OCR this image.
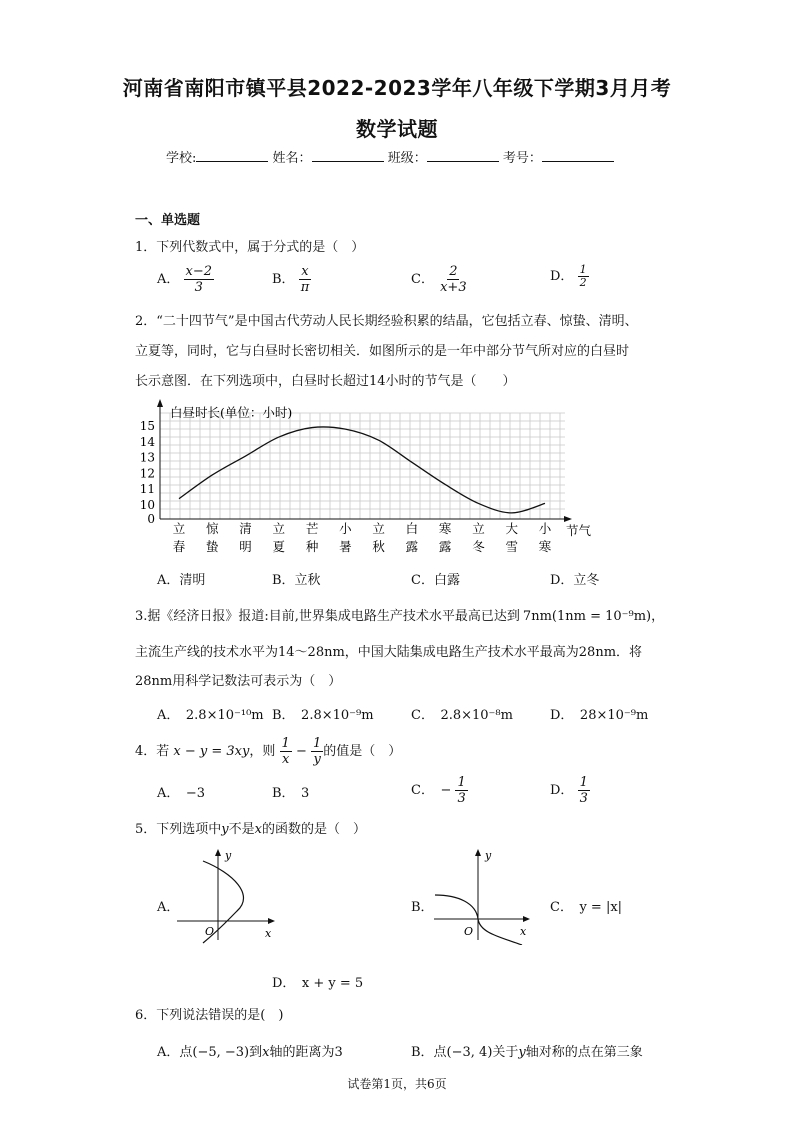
河南省南阳市镇平县2022-2023学年八年级下学期3月月考
数学试题
学校:	姓名：	班级：	考号：
一、单选题
1．下列代数式中，属于分式的是（　）
A． $\frac{x-2}{3}$	B． $\frac{x}{\pi}$	C． $\frac{2}{x+3}$	D． $\frac{1}{2}$
2．“二十四节气”是中国古代劳动人民长期经验积累的结晶，它包括立春、惊蛰、清明、
立夏等，同时，它与白昼时长密切相关．如图所示的是一年中部分节气所对应的白昼时
长示意图．在下列选项中，白昼时长超过14小时的节气是（　　）
白昼时长(单位：小时)
节气
0
10
11
12
13
14
15
立
春
惊
蛰
清
明
立
夏
芒
种
小
暑
立
秋
白
露
寒
露
立
冬
大
雪
小
寒
A．清明	B．立秋	C．白露	D．立冬
3.据《经济日报》报道:目前,世界集成电路生产技术水平最高已达到 7nm(1nm = 10⁻⁹m)，
主流生产线的技术水平为14～28nm，中国大陆集成电路生产技术水平最高为28nm．将
28nm用科学记数法可表示为（　）
A．　2.8×10⁻¹⁰m B．　2.8×10⁻⁹m	C．　2.8×10⁻⁸m	D．　28×10⁻⁹m
4．若 x − y = 3xy，则 $\frac{1}{x} - \frac{1}{y}$ 的值是（　）
A．　−3	B．　3	C．　− $\frac{1}{3}$	D． $\frac{1}{3}$
5．下列选项中𝑦不是𝑥的函数的是（　）
A．
y
x
O
B．
y
x
O
C．　y = |x|
D．　x + y = 5
6．下列说法错误的是(　)
A．点(−5, −3)到𝑥轴的距离为3	B．点(−3, 4)关于𝑦轴对称的点在第三象
试卷第1页，共6页
